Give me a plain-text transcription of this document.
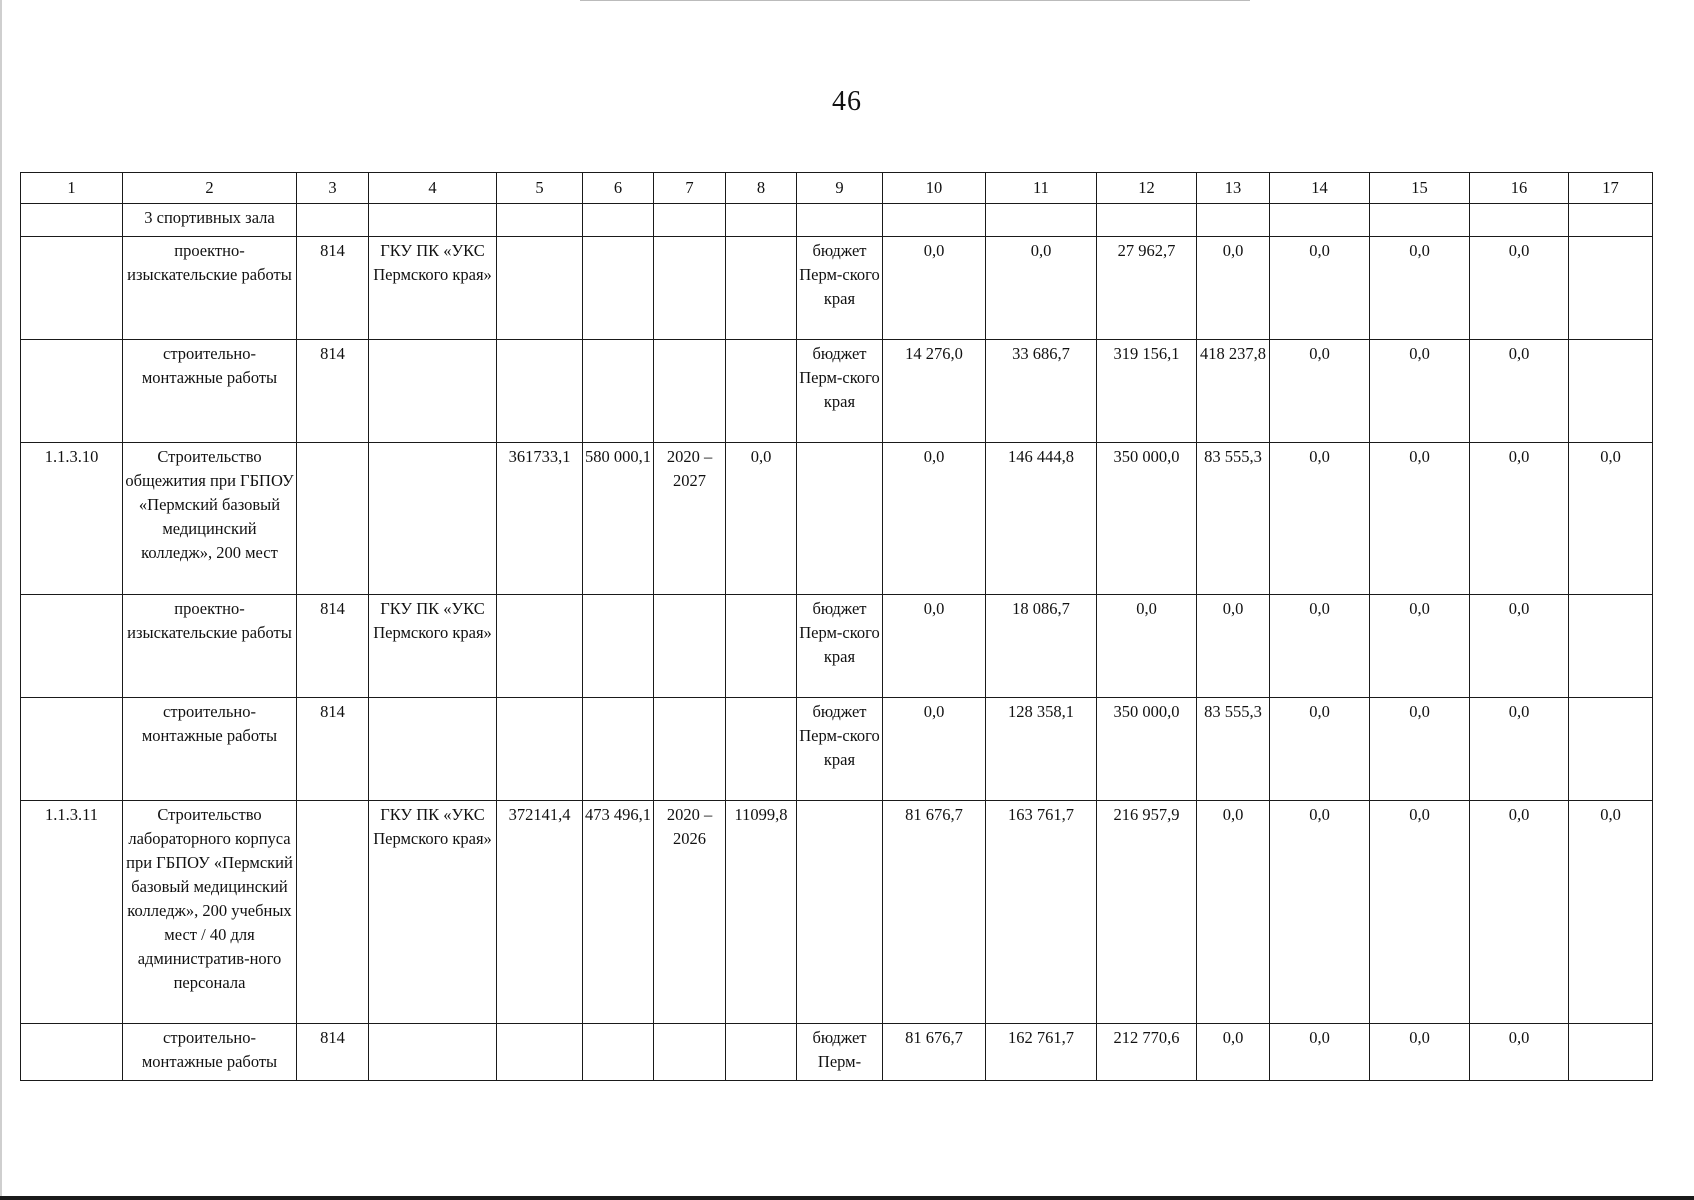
46
1	2	3	4	5	6	7	8	9	10	11	12	13	14	15	16	17
	3 спортивных зала															
	проектно-изыскательские работы	814	ГКУ ПК «УКС Пермского края»					бюджет Перм-ского края	0,0	0,0	27 962,7	0,0	0,0	0,0	0,0	
	строительно-монтажные работы	814						бюджет Перм-ского края	14 276,0	33 686,7	319 156,1	418 237,8	0,0	0,0	0,0	
1.1.3.10	Строительство общежития при ГБПОУ «Пермский базовый медицинский колледж», 200 мест			361733,1	580 000,1	2020 – 2027	0,0		0,0	146 444,8	350 000,0	83 555,3	0,0	0,0	0,0	0,0
	проектно-изыскательские работы	814	ГКУ ПК «УКС Пермского края»					бюджет Перм-ского края	0,0	18 086,7	0,0	0,0	0,0	0,0	0,0	
	строительно-монтажные работы	814						бюджет Перм-ского края	0,0	128 358,1	350 000,0	83 555,3	0,0	0,0	0,0	
1.1.3.11	Строительство лабораторного корпуса при ГБПОУ «Пермский базовый медицинский колледж», 200 учебных мест / 40 для административ-ного персонала		ГКУ ПК «УКС Пермского края»	372141,4	473 496,1	2020 – 2026	11099,8		81 676,7	163 761,7	216 957,9	0,0	0,0	0,0	0,0	0,0
	строительно-монтажные работы	814						бюджет Перм-	81 676,7	162 761,7	212 770,6	0,0	0,0	0,0	0,0	
